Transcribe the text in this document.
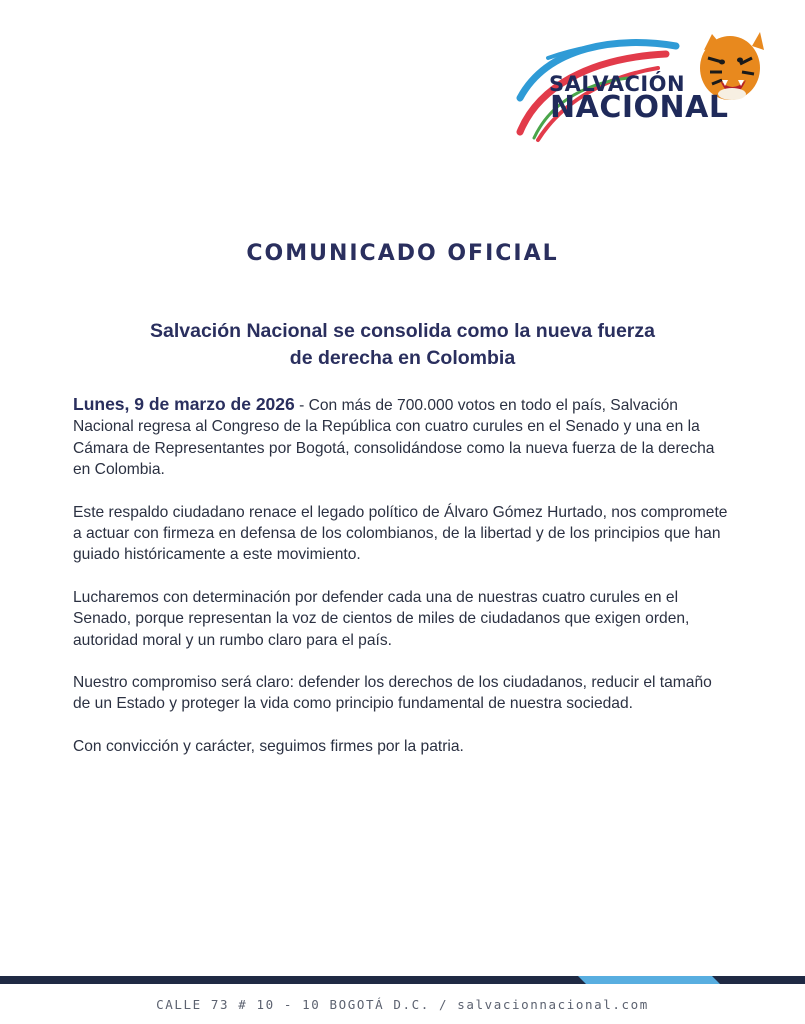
SALVACIÓN
NACIONAL
COMUNICADO OFICIAL
Salvación Nacional se consolida como la nueva fuerza
de derecha en Colombia

Lunes, 9 de marzo de 2026 - Con más de 700.000 votos en todo el país, Salvación Nacional regresa al Congreso de la República con cuatro curules en el Senado y una en la Cámara de Representantes por Bogotá, consolidándose como la nueva fuerza de la derecha en Colombia.

Este respaldo ciudadano renace el legado político de Álvaro Gómez Hurtado, nos compromete a actuar con firmeza en defensa de los colombianos, de la libertad y de los principios que han guiado históricamente a este movimiento.

Lucharemos con determinación por defender cada una de nuestras cuatro curules en el Senado, porque representan la voz de cientos de miles de ciudadanos que exigen orden, autoridad moral y un rumbo claro para el país.

Nuestro compromiso será claro: defender los derechos de los ciudadanos, reducir el tamaño de un Estado y proteger la vida como principio fundamental de nuestra sociedad.

Con convicción y carácter, seguimos firmes por la patria.

CALLE 73 # 10 - 10 BOGOTÁ D.C. / salvacionnacional.com
